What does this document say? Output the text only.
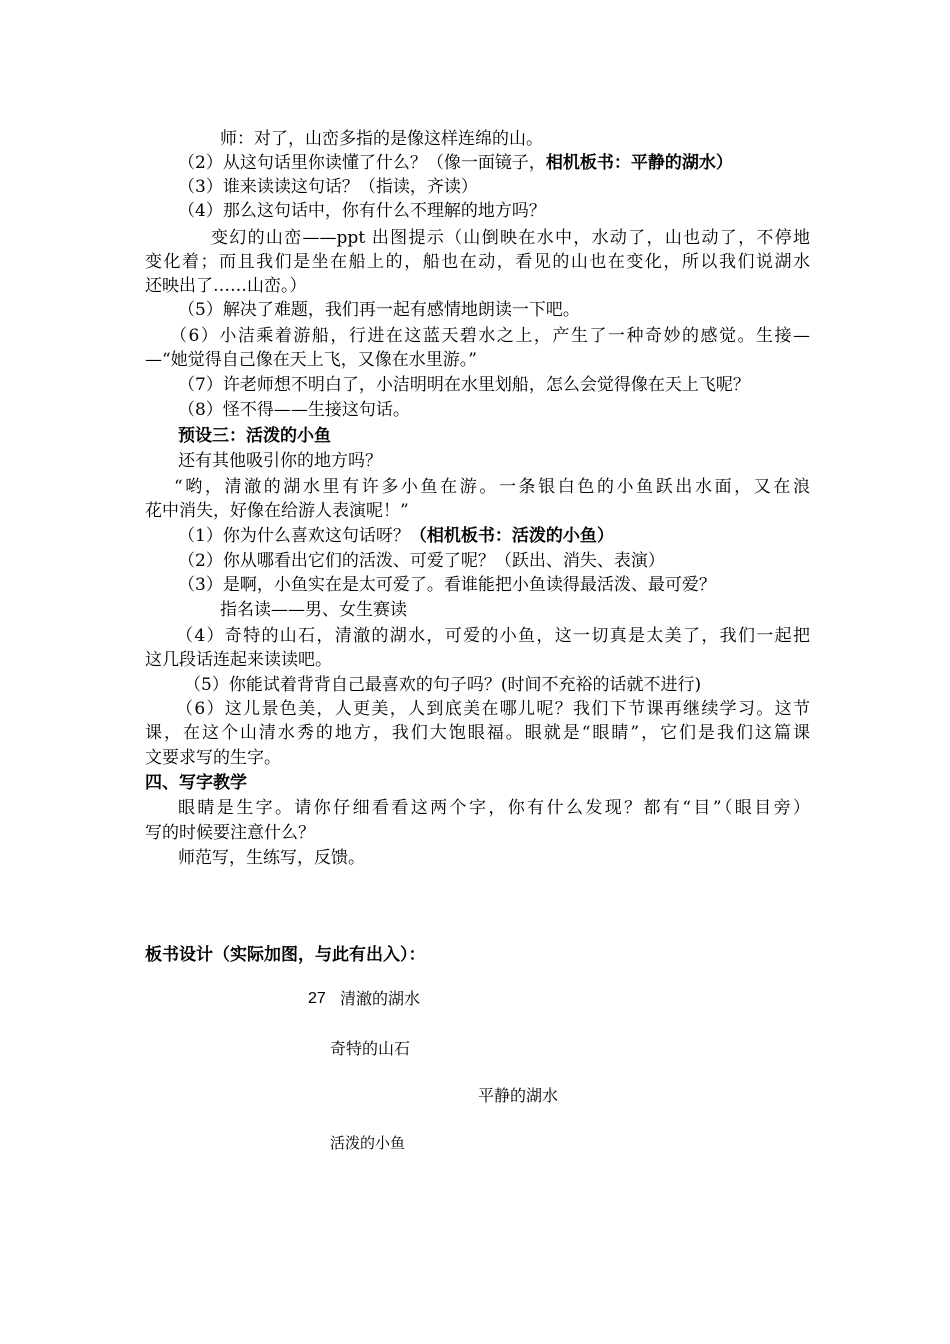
师：对了，山峦多指的是像这样连绵的山。
（2）从这句话里你读懂了什么？（像一面镜子，相机板书：平静的湖水）
（3）谁来读读这句话？（指读，齐读）
（4）那么这句话中，你有什么不理解的地方吗？
变幻的山峦——ppt 出图提示（山倒映在水中，水动了，山也动了，不停地
变化着；而且我们是坐在船上的，船也在动，看见的山也在变化，所以我们说湖水
还映出了……山峦。）
（5）解决了难题，我们再一起有感情地朗读一下吧。
（6）小洁乘着游船，行进在这蓝天碧水之上，产生了一种奇妙的感觉。生接—
—“她觉得自己像在天上飞，又像在水里游。”
（7）许老师想不明白了，小洁明明在水里划船，怎么会觉得像在天上飞呢？
（8）怪不得——生接这句话。
预设三：活泼的小鱼
还有其他吸引你的地方吗？
“哟，清澈的湖水里有许多小鱼在游。一条银白色的小鱼跃出水面，又在浪
花中消失，好像在给游人表演呢！”
（1）你为什么喜欢这句话呀？（相机板书：活泼的小鱼）
（2）你从哪看出它们的活泼、可爱了呢？（跃出、消失、表演）
（3）是啊，小鱼实在是太可爱了。看谁能把小鱼读得最活泼、最可爱？
指名读——男、女生赛读
（4）奇特的山石，清澈的湖水，可爱的小鱼，这一切真是太美了，我们一起把
这几段话连起来读读吧。
（5）你能试着背背自己最喜欢的句子吗？(时间不充裕的话就不进行)
（6）这儿景色美，人更美，人到底美在哪儿呢？我们下节课再继续学习。这节
课，在这个山清水秀的地方，我们大饱眼福。眼就是“眼睛”，它们是我们这篇课
文要求写的生字。
四、写字教学
眼睛是生字。请你仔细看看这两个字，你有什么发现？都有“目”（眼目旁）
写的时候要注意什么？
师范写，生练写，反馈。
板书设计（实际加图，与此有出入）：
27 清澈的湖水
奇特的山石
平静的湖水
活泼的小鱼
